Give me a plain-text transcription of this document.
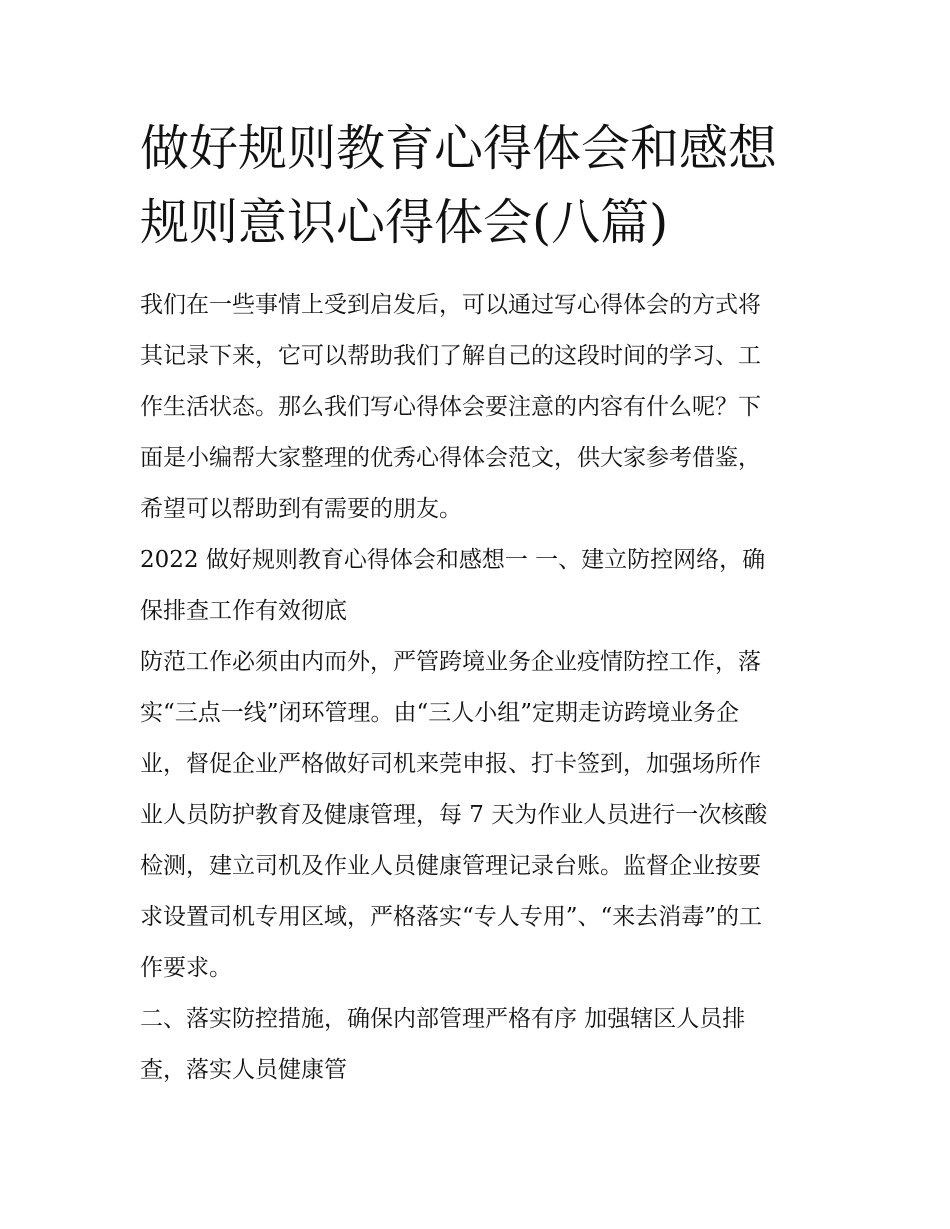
做好规则教育心得体会和感想
规则意识心得体会(八篇)

我们在一些事情上受到启发后，可以通过写心得体会的方式将
其记录下来，它可以帮助我们了解自己的这段时间的学习、工
作生活状态。那么我们写心得体会要注意的内容有什么呢？下
面是小编帮大家整理的优秀心得体会范文，供大家参考借鉴，
希望可以帮助到有需要的朋友。

2022 做好规则教育心得体会和感想一 一、建立防控网络，确
保排查工作有效彻底

防范工作必须由内而外，严管跨境业务企业疫情防控工作，落
实“三点一线”闭环管理。由“三人小组”定期走访跨境业务企
业，督促企业严格做好司机来莞申报、打卡签到，加强场所作
业人员防护教育及健康管理，每 7 天为作业人员进行一次核酸
检测，建立司机及作业人员健康管理记录台账。监督企业按要
求设置司机专用区域，严格落实“专人专用”、“来去消毒”的工
作要求。

二、落实防控措施，确保内部管理严格有序 加强辖区人员排
查，落实人员健康管
